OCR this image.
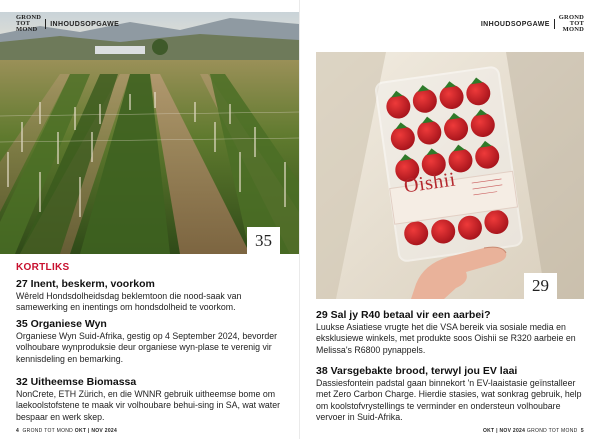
35
GROND
TOT
MOND
INHOUDSOPGAWE
KORTLIKS
27 Inent, beskerm, voorkom

Wêreld Hondsdolheidsdag beklemtoon die nood-saak van samewerking en inentings om hondsdolheid te voorkom.

35 Organiese Wyn

Organiese Wyn Suid-Afrika, gestig op 4 September 2024, bevorder volhoubare wynproduksie deur organiese wyn-plase te verenig vir kennisdeling en bemarking.

32 Uitheemse Biomassa

NonCrete, ETH Zürich, en die WNNR gebruik uitheemse bome om laekoolstofstene te maak vir volhoubare behui-sing in SA, wat water bespaar en werk skep.

4 GROND TOT MOND OKT | NOV 2024
INHOUDSOPGAWE
GROND
TOT
MOND
Oishii
29
29 Sal jy R40 betaal vir een aarbei?

Luukse Asiatiese vrugte het die VSA bereik via sosiale media en eksklusiewe winkels, met produkte soos Oishii se R320 aarbeie en Melissa's R6800 pynappels.

38 Varsgebakte brood, terwyl jou EV laai

Dassiesfontein padstal gaan binnekort 'n EV-laaistasie geïnstalleer met Zero Carbon Charge. Hierdie stasies, wat sonkrag gebruik, help om koolstofvrystellings te verminder en ondersteun volhoubare vervoer in Suid-Afrika.

OKT | NOV 2024 GROND TOT MOND 5
